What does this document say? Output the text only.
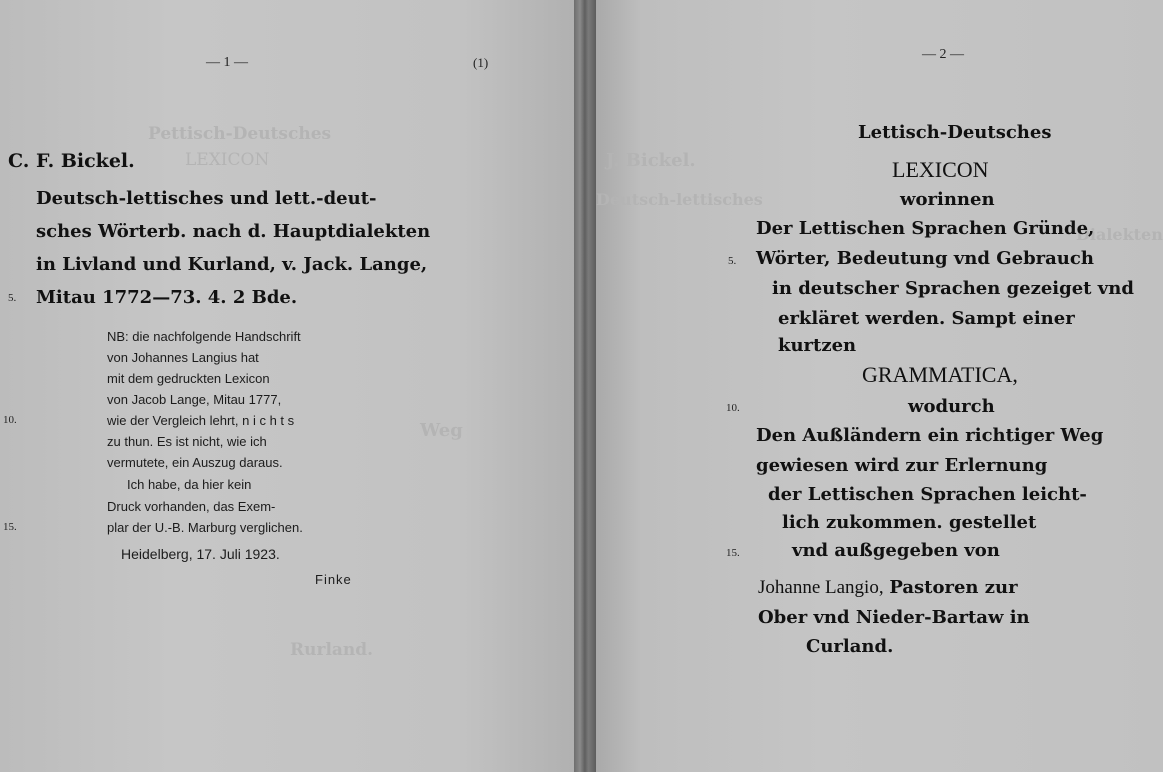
Pettisch-Deutsches
LEXICON
Weg
Rurland.
— 1 —	(1)
C. F. Bickel.
Deutsch-lettisches und lett.-deut-
sches Wörterb. nach d. Hauptdialekten
in Livland und Kurland, v. Jack. Lange,
Mitau 1772—73. 4. 2 Bde.
5.
10.
15.
NB: die nachfolgende Handschrift
von Johannes Langius hat
mit dem gedruckten Lexicon
von Jacob Lange, Mitau 1777,
wie der Vergleich lehrt, n i c h t s
zu thun. Es ist nicht, wie ich
vermutete, ein Auszug daraus.
Ich habe, da hier kein
Druck vorhanden, das Exem-
plar der U.-B. Marburg verglichen.
Heidelberg, 17. Juli 1923.
Finke
J. Bickel.
Deutsch-lettisches
Dialekten
— 2 —
Lettisch-Deutsches
LEXICON
worinnen
Der Lettischen Sprachen Gründe,
Wörter, Bedeutung vnd Gebrauch
in deutscher Sprachen gezeiget vnd
erkläret werden. Sampt einer
kurtzen
GRAMMATICA,
wodurch
Den Außländern ein richtiger Weg
gewiesen wird zur Erlernung
der Lettischen Sprachen leicht-
lich zukommen. gestellet
vnd außgegeben von
Johanne Langio, Pastoren zur
Ober vnd Nieder-Bartaw in
Curland.
5.
10.
15.
